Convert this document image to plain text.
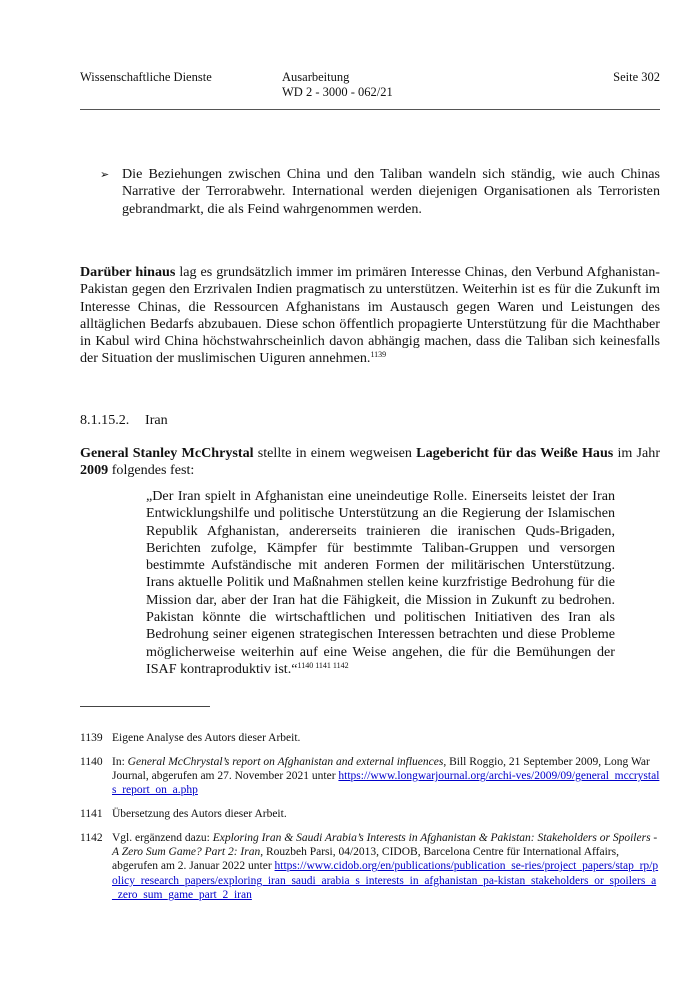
Wissenschaftliche Dienste	Ausarbeitung
WD 2 - 3000 - 062/21
Seite 302
➢ Die Beziehungen zwischen China und den Taliban wandeln sich ständig, wie auch Chinas Narrative der Terrorabwehr. International werden diejenigen Organisationen als Terroristen gebrandmarkt, die als Feind wahrgenommen werden.
Darüber hinaus lag es grundsätzlich immer im primären Interesse Chinas, den Verbund Afghanistan-Pakistan gegen den Erzrivalen Indien pragmatisch zu unterstützen. Weiterhin ist es für die Zukunft im Interesse Chinas, die Ressourcen Afghanistans im Austausch gegen Waren und Leistungen des alltäglichen Bedarfs abzubauen. Diese schon öffentlich propagierte Unterstützung für die Machthaber in Kabul wird China höchstwahrscheinlich davon abhängig machen, dass die Taliban sich keinesfalls der Situation der muslimischen Uiguren annehmen.$^{1139}$
8.1.15.2. Iran
General Stanley McChrystal stellte in einem wegweisen Lagebericht für das Weiße Haus im Jahr 2009 folgendes fest:
„Der Iran spielt in Afghanistan eine uneindeutige Rolle. Einerseits leistet der Iran Entwicklungshilfe und politische Unterstützung an die Regierung der Islamischen Republik Afghanistan, andererseits trainieren die iranischen Quds-Brigaden, Berichten zufolge, Kämpfer für bestimmte Taliban-Gruppen und versorgen bestimmte Aufständische mit anderen Formen der militärischen Unterstützung. Irans aktuelle Politik und Maßnahmen stellen keine kurzfristige Bedrohung für die Mission dar, aber der Iran hat die Fähigkeit, die Mission in Zukunft zu bedrohen. Pakistan könnte die wirtschaftlichen und politischen Initiativen des Iran als Bedrohung seiner eigenen strategischen Interessen betrachten und diese Probleme möglicherweise weiterhin auf eine Weise angehen, die für die Bemühungen der ISAF kontraproduktiv ist.“$^{1140 1141 1142}$
1139 Eigene Analyse des Autors dieser Arbeit.
1140 In: General McChrystal’s report on Afghanistan and external influences, Bill Roggio, 21 September 2009, Long War Journal, abgerufen am 27. November 2021 unter https://www.longwarjournal.org/archi-ves/2009/09/general_mccrystals_report_on_a.php
1141 Übersetzung des Autors dieser Arbeit.
1142 Vgl. ergänzend dazu: Exploring Iran & Saudi Arabia’s Interests in Afghanistan & Pakistan: Stakeholders or Spoilers - A Zero Sum Game? Part 2: Iran, Rouzbeh Parsi, 04/2013, CIDOB, Barcelona Centre für International Affairs, abgerufen am 2. Januar 2022 unter https://www.cidob.org/en/publications/publication_se-ries/project_papers/stap_rp/policy_research_papers/exploring_iran_saudi_arabia_s_interests_in_afghanistan_pa-kistan_stakeholders_or_spoilers_a_zero_sum_game_part_2_iran
